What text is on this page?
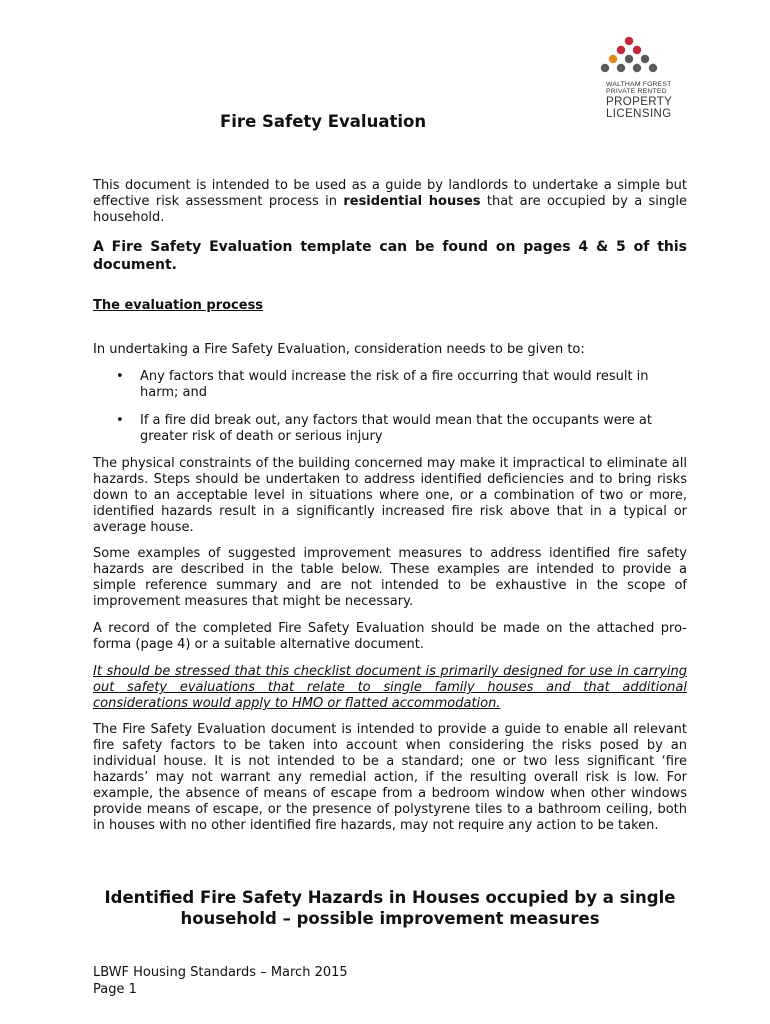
WALTHAM FOREST
PRIVATE RENTED
PROPERTY
LICENSING
Fire Safety Evaluation
This document is intended to be used as a guide by landlords to undertake a simple but effective risk assessment process in residential houses that are occupied by a single household.
A Fire Safety Evaluation template can be found on pages 4 & 5 of this document.
The evaluation process
In undertaking a Fire Safety Evaluation, consideration needs to be given to:
• Any factors that would increase the risk of a fire occurring that would result in harm; and
• If a fire did break out, any factors that would mean that the occupants were at greater risk of death or serious injury
The physical constraints of the building concerned may make it impractical to eliminate all hazards. Steps should be undertaken to address identified deficiencies and to bring risks down to an acceptable level in situations where one, or a combination of two or more, identified hazards result in a significantly increased fire risk above that in a typical or average house.
Some examples of suggested improvement measures to address identified fire safety hazards are described in the table below. These examples are intended to provide a simple reference summary and are not intended to be exhaustive in the scope of improvement measures that might be necessary.
A record of the completed Fire Safety Evaluation should be made on the attached pro-forma (page 4) or a suitable alternative document.
It should be stressed that this checklist document is primarily designed for use in carrying out safety evaluations that relate to single family houses and that additional considerations would apply to HMO or flatted accommodation.
The Fire Safety Evaluation document is intended to provide a guide to enable all relevant fire safety factors to be taken into account when considering the risks posed by an individual house. It is not intended to be a standard; one or two less significant ‘fire hazards’ may not warrant any remedial action, if the resulting overall risk is low. For example, the absence of means of escape from a bedroom window when other windows provide means of escape, or the presence of polystyrene tiles to a bathroom ceiling, both in houses with no other identified fire hazards, may not require any action to be taken.
Identified Fire Safety Hazards in Houses occupied by a single household – possible improvement measures
LBWF Housing Standards – March 2015
Page 1
